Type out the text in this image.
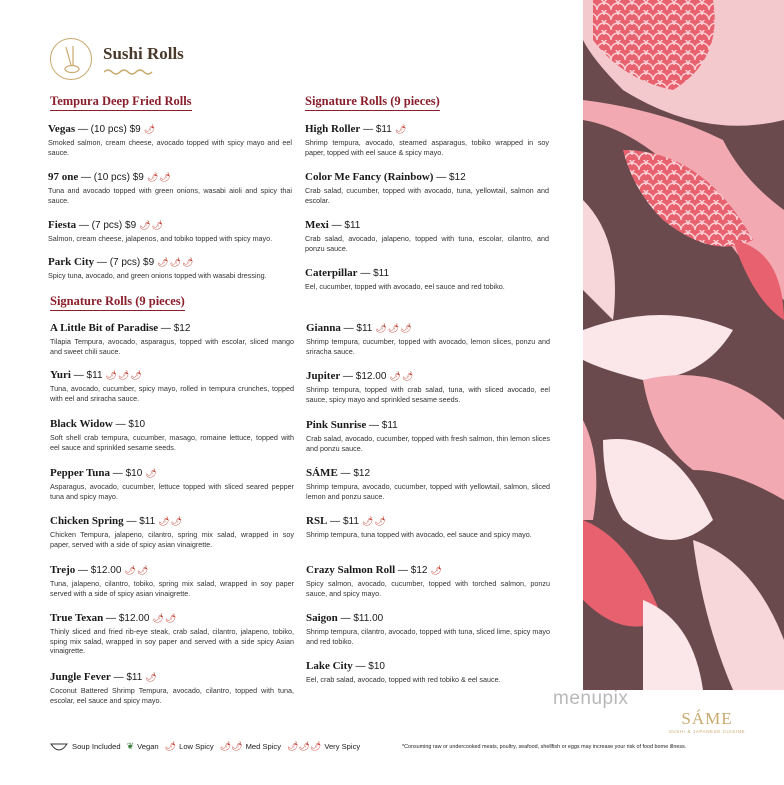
Sushi Rolls
Tempura Deep Fried Rolls	Signature Rolls (9 pieces)
Signature Rolls (9 pieces)
Vegas — (10 pcs) $9 🌶
Smoked salmon, cream cheese, avocado topped with spicy mayo and eel sauce.
97 one — (10 pcs) $9 🌶🌶
Tuna and avocado topped with green onions, wasabi aioli and spicy thai sauce.
Fiesta — (7 pcs) $9 🌶🌶
Salmon, cream cheese, jalapenos, and tobiko topped with spicy mayo.
Park City — (7 pcs) $9 🌶🌶🌶
Spicy tuna, avocado, and green onions topped with wasabi dressing.
High Roller — $11 🌶
Shrimp tempura, avocado, steamed asparagus, tobiko wrapped in soy paper, topped with eel sauce & spicy mayo.
Color Me Fancy (Rainbow) — $12
Crab salad, cucumber, topped with avocado, tuna, yellowtail, salmon and escolar.
Mexi — $11
Crab salad, avocado, jalapeno, topped with tuna, escolar, cilantro, and ponzu sauce.
Caterpillar — $11
Eel, cucumber, topped with avocado, eel sauce and red tobiko.
A Little Bit of Paradise — $12
Tilapia Tempura, avocado, asparagus, topped with escolar, sliced mango and sweet chili sauce.
Yuri — $11 🌶🌶🌶
Tuna, avocado, cucumber, spicy mayo, rolled in tempura crunches, topped with eel and sriracha sauce.
Black Widow — $10
Soft shell crab tempura, cucumber, masago, romaine lettuce, topped with eel sauce and sprinkled sesame seeds.
Pepper Tuna — $10 🌶
Asparagus, avocado, cucumber, lettuce topped with sliced seared pepper tuna and spicy mayo.
Chicken Spring — $11 🌶🌶
Chicken Tempura, jalapeno, cilantro, spring mix salad, wrapped in soy paper, served with a side of spicy asian vinaigrette.
Trejo — $12.00 🌶🌶
Tuna, jalapeno, cilantro, tobiko, spring mix salad, wrapped in soy paper served with a side of spicy asian vinaigrette.
True Texan — $12.00 🌶🌶
Thinly sliced and fried rib-eye steak, crab salad, cilantro, jalapeno, tobiko, sping mix salad, wrapped in soy paper and served with a side spicy Asian vinaigrette.
Jungle Fever — $11 🌶
Coconut Battered Shrimp Tempura, avocado, cilantro, topped with tuna, escolar, eel sauce and spicy mayo.
Gianna — $11 🌶🌶🌶
Shrimp tempura, cucumber, topped with avocado, lemon slices, ponzu and sriracha sauce.
Jupiter — $12.00 🌶🌶
Shrimp tempura, topped with crab salad, tuna, with sliced avocado, eel sauce, spicy mayo and sprinkled sesame seeds.
Pink Sunrise — $11
Crab salad, avocado, cucumber, topped with fresh salmon, thin lemon slices and ponzu sauce.
SÁME — $12
Shrimp tempura, avocado, cucumber, topped with yellowtail, salmon, sliced lemon and ponzu sauce.
RSL — $11 🌶🌶
Shrimp tempura, tuna topped with avocado, eel sauce and spicy mayo.
Crazy Salmon Roll — $12 🌶
Spicy salmon, avocado, cucumber, topped with torched salmon, ponzu sauce, and spicy mayo.
Saigon — $11.00
Shrimp tempura, cilantro, avocado, topped with tuna, sliced lime, spicy mayo and red tobiko.
Lake City — $10
Eel, crab salad, avocado, topped with red tobiko & eel sauce.
menupix
SÁME
SUSHI & JAPANESE CUISINE
Soup Included ❦ Vegan 🌶 Low Spicy 🌶🌶 Med Spicy 🌶🌶🌶 Very Spicy	*Consuming raw or undercooked meats, poultry, seafood, shellfish or eggs may increase your risk of food borne illness.
